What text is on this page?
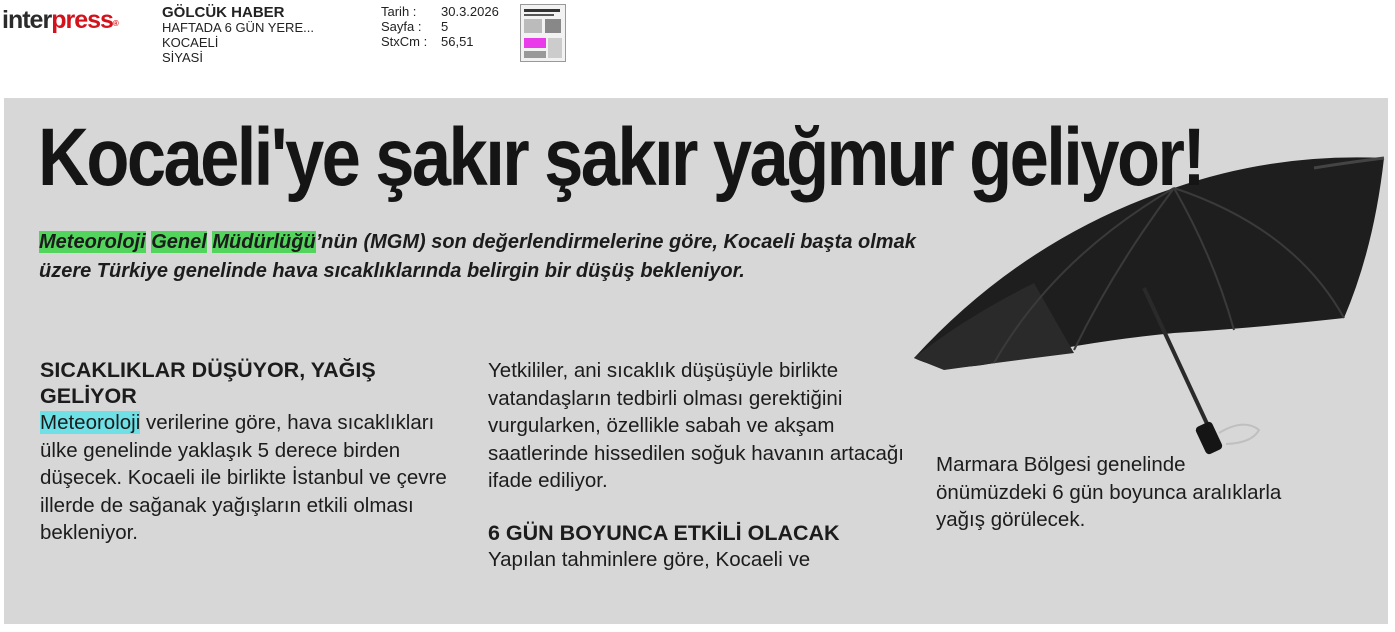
interpress®
GÖLCÜK HABER
HAFTADA 6 GÜN YERE...
KOCAELİ
SİYASİ
Tarih :	30.3.2026
Sayfa :	5
StxCm :	56,51
Kocaeli'ye şakır şakır yağmur geliyor!

Meteoroloji Genel Müdürlüğü’nün (MGM) son değerlendirmelerine göre, Kocaeli başta olmak üzere Türkiye genelinde hava sıcaklıklarında belirgin bir düşüş bekleniyor.

SICAKLIKLAR DÜŞÜYOR, YAĞIŞ GELİYOR

Meteoroloji verilerine göre, hava sıcaklıkları ülke genelinde yaklaşık 5 derece birden düşecek. Kocaeli ile birlikte İstanbul ve çevre illerde de sağanak yağışların etkili olması bekleniyor.

Yetkililer, ani sıcaklık düşüşüyle birlikte vatandaşların tedbirli olması gerektiğini vurgularken, özellikle sabah ve akşam saatlerinde hissedilen soğuk havanın artacağı ifade ediliyor.

6 GÜN BOYUNCA ETKİLİ OLACAK

Yapılan tahminlere göre, Kocaeli ve

Marmara Bölgesi genelinde önümüzdeki 6 gün boyunca aralıklarla yağış görülecek.
